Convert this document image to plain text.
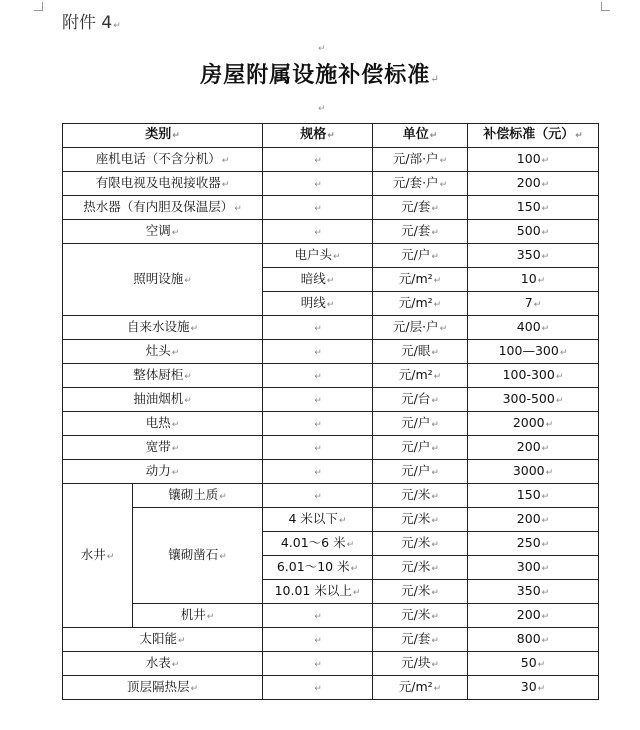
附件 4↵
↵
房屋附属设施补偿标准↵
↵
类别↵		规格↵	单位↵	补偿标准（元）↵
座机电话（不含分机）↵		↵	元/部·户↵	100↵
有限电视及电视接收器↵		↵	元/套·户↵	200↵
热水器（有内胆及保温层）↵		↵	元/套↵	150↵
空调↵		↵	元/套↵	500↵
照明设施↵		电户头↵	元/户↵	350↵
		暗线↵	元/m²↵	10↵
		明线↵	元/m²↵	7↵
自来水设施↵		↵	元/层·户↵	400↵
灶头↵		↵	元/眼↵	100—300↵
整体厨柜↵		↵	元/m²↵	100-300↵
抽油烟机↵		↵	元/台↵	300-500↵
电热↵		↵	元/户↵	2000↵
宽带↵		↵	元/户↵	200↵
动力↵		↵	元/户↵	3000↵
水井↵	镶砌土质↵	↵	元/米↵	150↵
	镶砌凿石↵	4 米以下↵	元/米↵	200↵
		4.01～6 米↵	元/米↵	250↵
		6.01～10 米↵	元/米↵	300↵
		10.01 米以上↵	元/米↵	350↵
	机井↵	↵	元/米↵	200↵
太阳能↵		↵	元/套↵	800↵
水表↵		↵	元/块↵	50↵
顶层隔热层↵		↵	元/m²↵	30↵
